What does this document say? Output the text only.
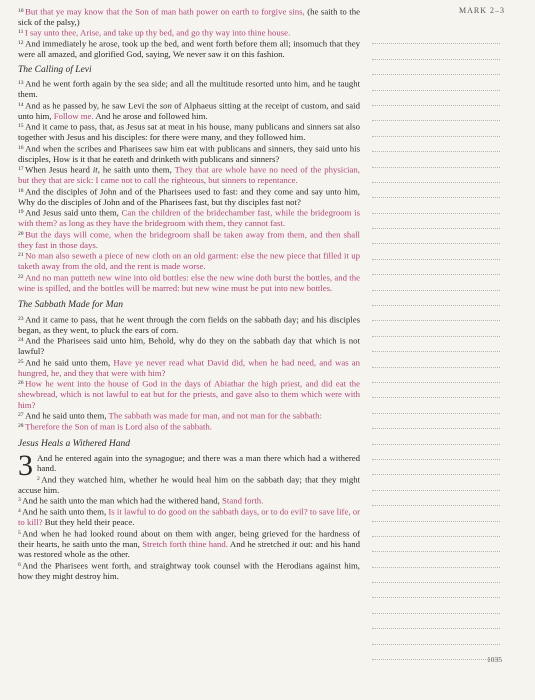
MARK 2–3

$^{10}$ But that ye may know that the Son of man hath power on earth to forgive sins, (he saith to the sick of the palsy,)

$^{11}$ I say unto thee, Arise, and take up thy bed, and go thy way into thine house.

$^{12}$ And immediately he arose, took up the bed, and went forth before them all; insomuch that they were all amazed, and glorified God, saying, We never saw it on this fashion.

The Calling of Levi

$^{13}$ And he went forth again by the sea side; and all the multitude resorted unto him, and he taught them.

$^{14}$ And as he passed by, he saw Levi the son of Alphaeus sitting at the receipt of custom, and said unto him, Follow me. And he arose and followed him.

$^{15}$ And it came to pass, that, as Jesus sat at meat in his house, many publicans and sinners sat also together with Jesus and his disciples: for there were many, and they followed him.

$^{16}$ And when the scribes and Pharisees saw him eat with publicans and sinners, they said unto his disciples, How is it that he eateth and drinketh with publicans and sinners?

$^{17}$ When Jesus heard it, he saith unto them, They that are whole have no need of the physician, but they that are sick: I came not to call the righteous, but sinners to repentance.

$^{18}$ And the disciples of John and of the Pharisees used to fast: and they come and say unto him, Why do the disciples of John and of the Pharisees fast, but thy disciples fast not?

$^{19}$ And Jesus said unto them, Can the children of the bridechamber fast, while the bridegroom is with them? as long as they have the bridegroom with them, they cannot fast.

$^{20}$ But the days will come, when the bridegroom shall be taken away from them, and then shall they fast in those days.

$^{21}$ No man also seweth a piece of new cloth on an old garment: else the new piece that filled it up taketh away from the old, and the rent is made worse.

$^{22}$ And no man putteth new wine into old bottles: else the new wine doth burst the bottles, and the wine is spilled, and the bottles will be marred: but new wine must be put into new bottles.

The Sabbath Made for Man

$^{23}$ And it came to pass, that he went through the corn fields on the sabbath day; and his disciples began, as they went, to pluck the ears of corn.

$^{24}$ And the Pharisees said unto him, Behold, why do they on the sabbath day that which is not lawful?

$^{25}$ And he said unto them, Have ye never read what David did, when he had need, and was an hungred, he, and they that were with him?

$^{26}$ How he went into the house of God in the days of Abiathar the high priest, and did eat the shewbread, which is not lawful to eat but for the priests, and gave also to them which were with him?

$^{27}$ And he said unto them, The sabbath was made for man, and not man for the sabbath:

$^{28}$ Therefore the Son of man is Lord also of the sabbath.

Jesus Heals a Withered Hand

3 And he entered again into the synagogue; and there was a man there which had a withered hand.

$^2$ And they watched him, whether he would heal him on the sabbath day; that they might accuse him.

$^3$ And he saith unto the man which had the withered hand, Stand forth.

$^4$ And he saith unto them, Is it lawful to do good on the sabbath days, or to do evil? to save life, or to kill? But they held their peace.

$^5$ And when he had looked round about on them with anger, being grieved for the hardness of their hearts, he saith unto the man, Stretch forth thine hand. And he stretched it out: and his hand was restored whole as the other.

$^6$ And the Pharisees went forth, and straightway took counsel with the Herodians against him, how they might destroy him.

1035
